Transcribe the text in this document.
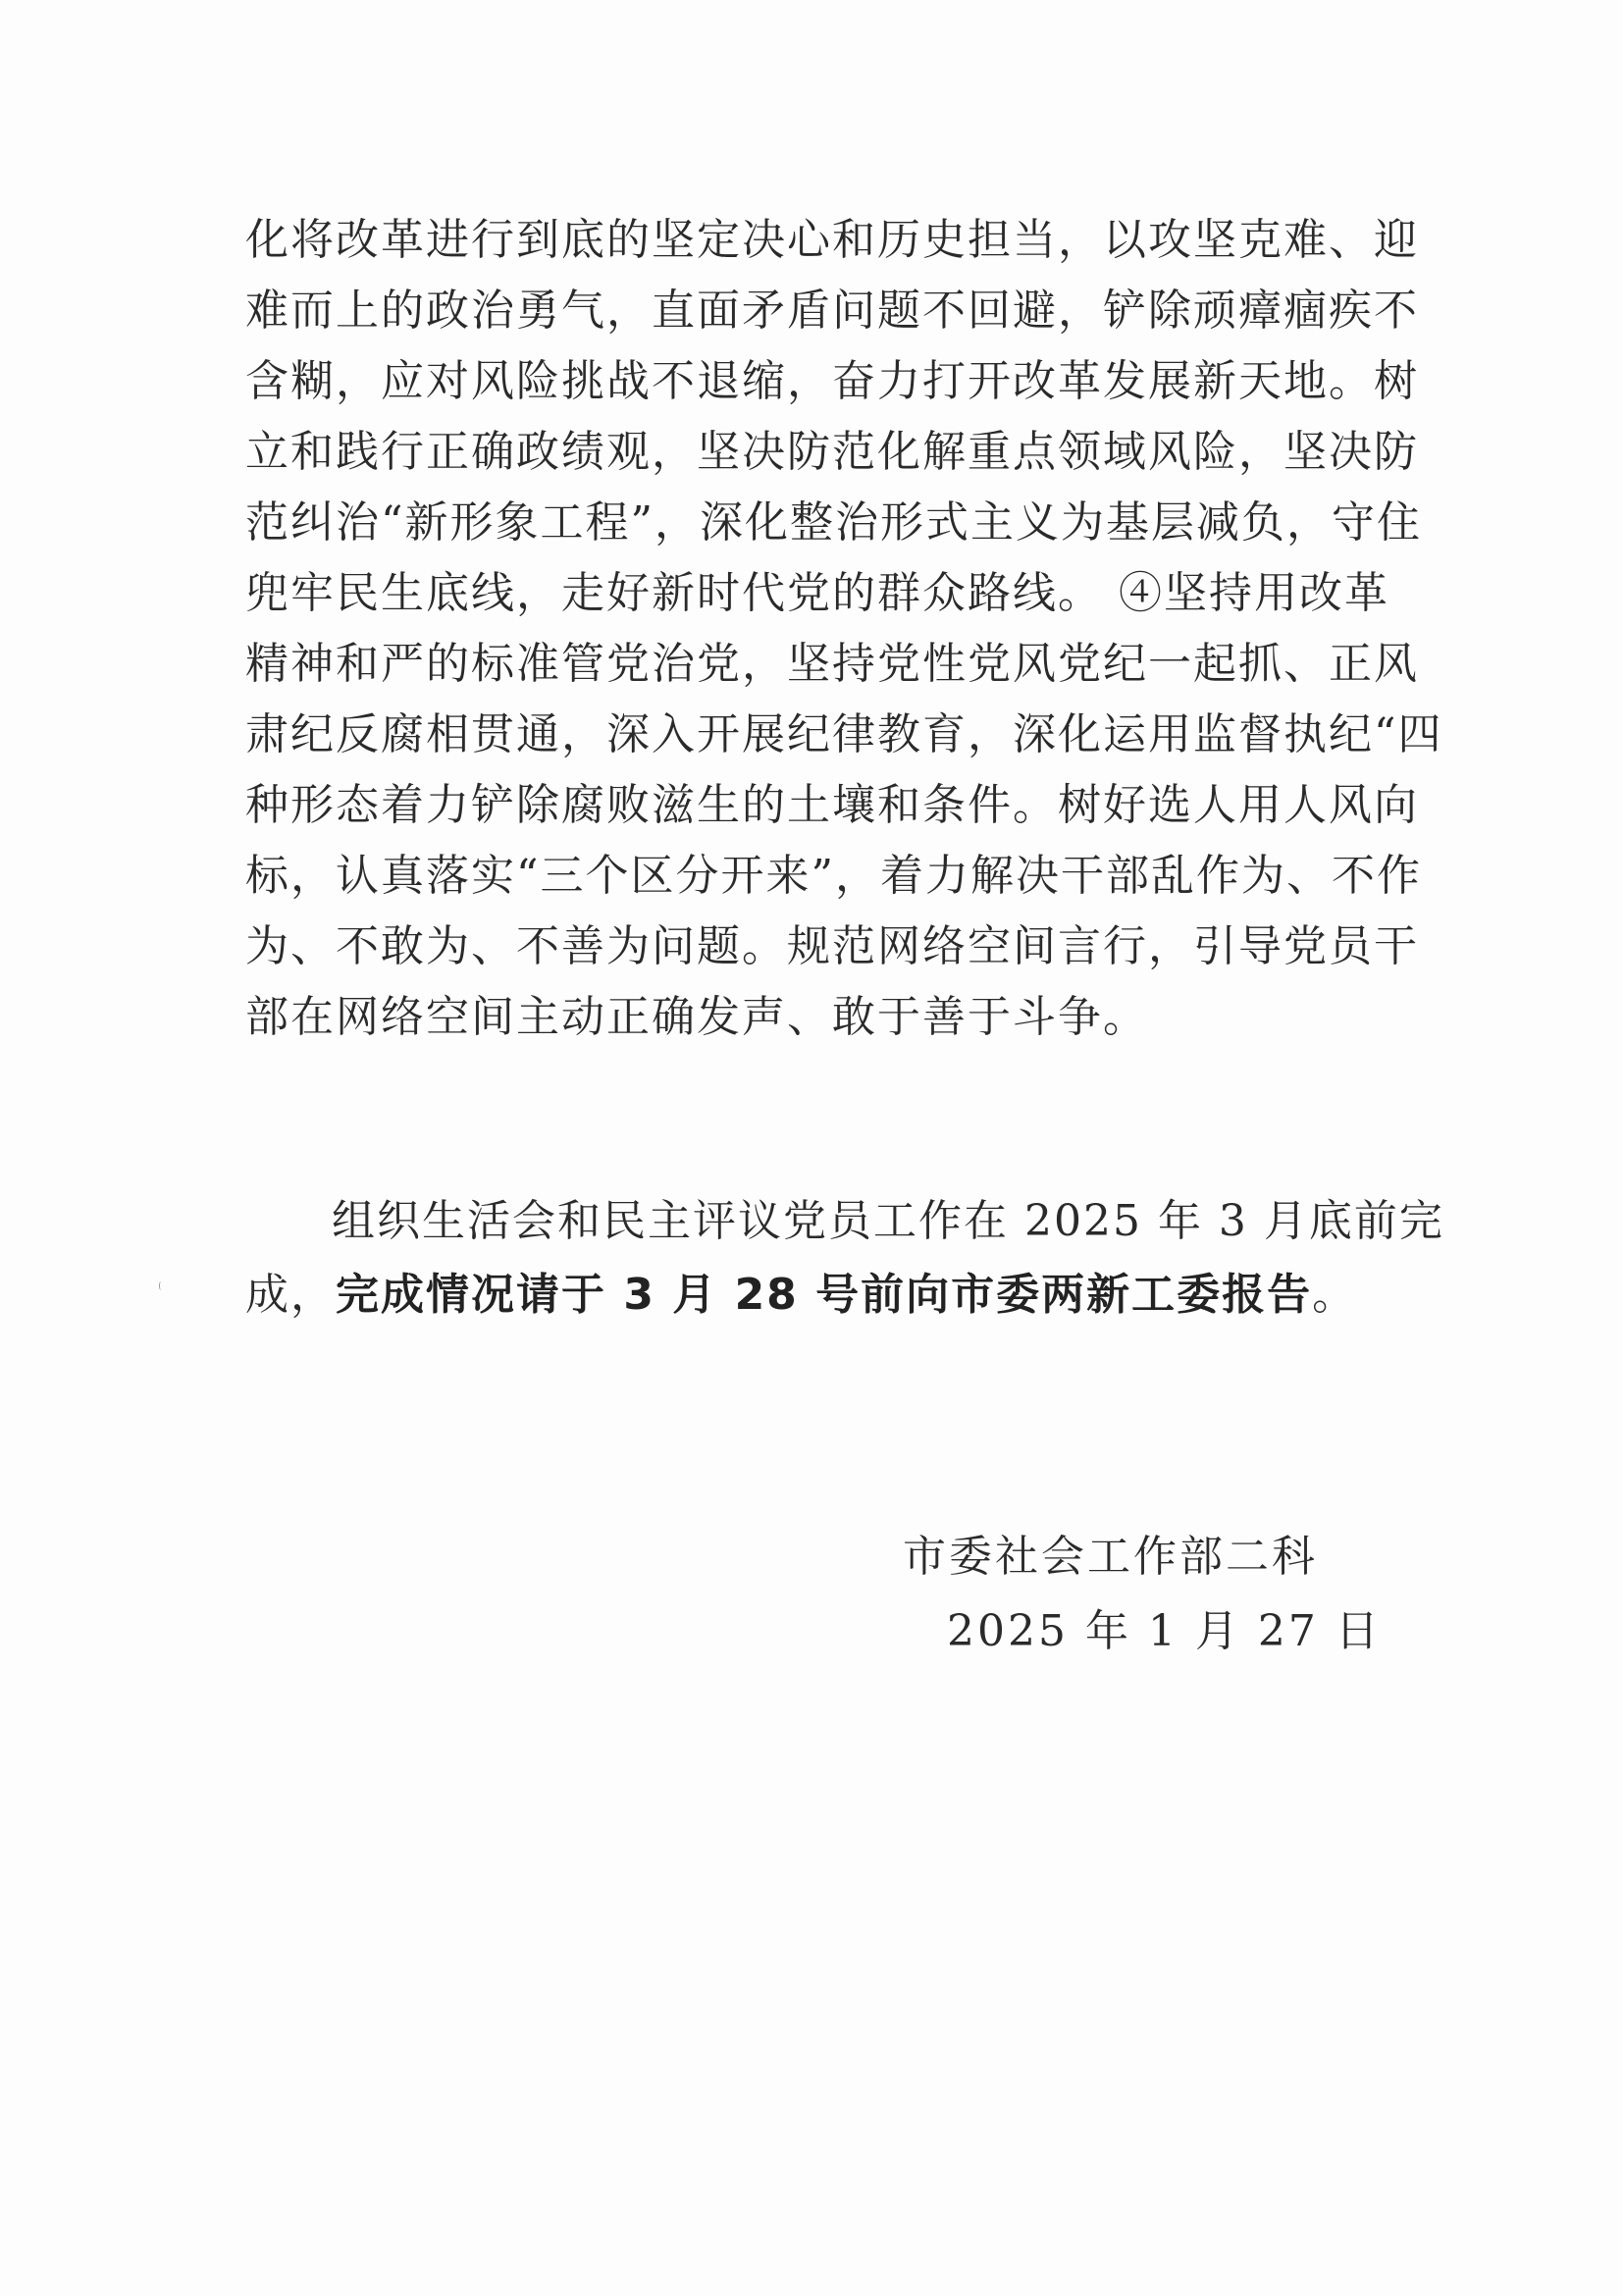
化将改革进行到底的坚定决心和历史担当，以攻坚克难、迎
难而上的政治勇气，直面矛盾问题不回避，铲除顽瘴痼疾不
含糊，应对风险挑战不退缩，奋力打开改革发展新天地。树
立和践行正确政绩观，坚决防范化解重点领域风险，坚决防
范纠治“新形象工程”，深化整治形式主义为基层减负，守住
兜牢民生底线，走好新时代党的群众路线。 ④坚持用改革
精神和严的标准管党治党，坚持党性党风党纪一起抓、正风
肃纪反腐相贯通，深入开展纪律教育，深化运用监督执纪“四
种形态着力铲除腐败滋生的土壤和条件。树好选人用人风向
标，认真落实“三个区分开来”，着力解决干部乱作为、不作
为、不敢为、不善为问题。规范网络空间言行，引导党员干
部在网络空间主动正确发声、敢于善于斗争。
组织生活会和民主评议党员工作在 2025 年 3 月底前完
成，完成情况请于 3 月 28 号前向市委两新工委报告。
市委社会工作部二科
2025 年 1 月 27 日
